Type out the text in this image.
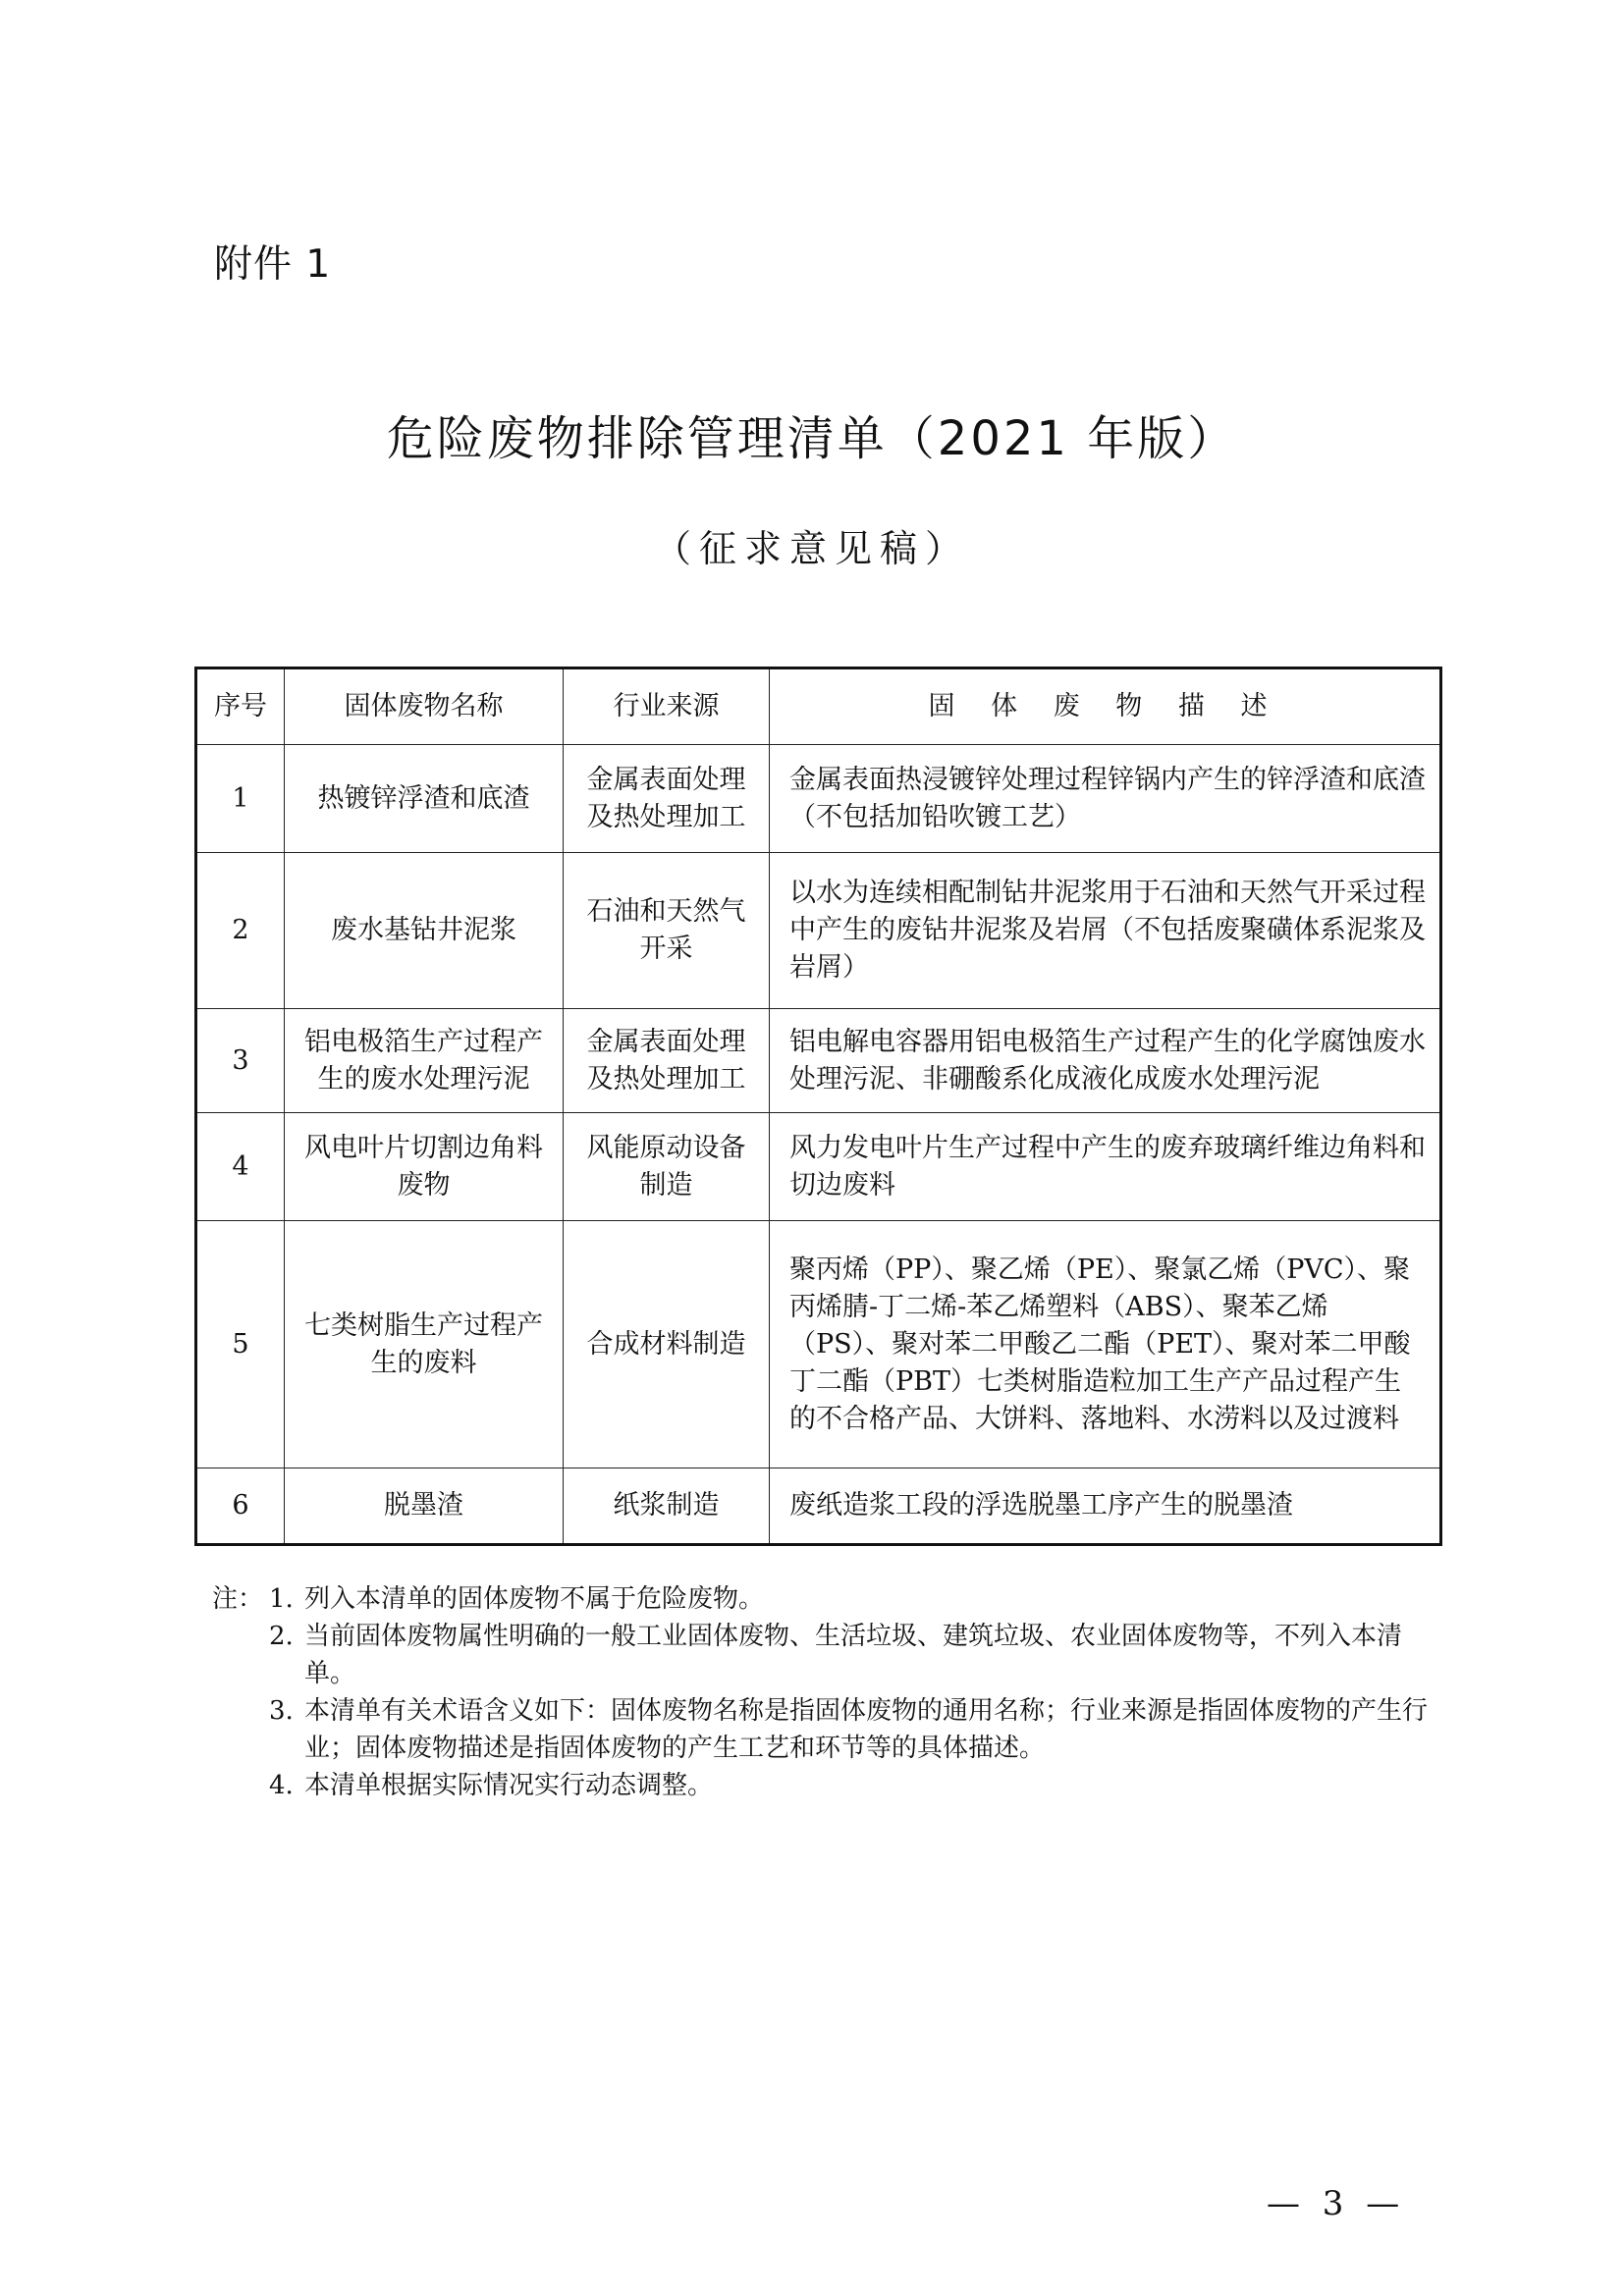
附件 1
危险废物排除管理清单（2021 年版）
（征求意见稿）
序号	固体废物名称	行业来源	固 体 废 物 描 述
1	热镀锌浮渣和底渣	金属表面处理及热处理加工	金属表面热浸镀锌处理过程锌锅内产生的锌浮渣和底渣（不包括加铅吹镀工艺）
2	废水基钻井泥浆	石油和天然气开采	以水为连续相配制钻井泥浆用于石油和天然气开采过程中产生的废钻井泥浆及岩屑（不包括废聚磺体系泥浆及岩屑）
3	铝电极箔生产过程产生的废水处理污泥	金属表面处理及热处理加工	铝电解电容器用铝电极箔生产过程产生的化学腐蚀废水处理污泥、非硼酸系化成液化成废水处理污泥
4	风电叶片切割边角料废物	风能原动设备制造	风力发电叶片生产过程中产生的废弃玻璃纤维边角料和切边废料
5	七类树脂生产过程产生的废料	合成材料制造	聚丙烯（PP）、聚乙烯（PE）、聚氯乙烯（PVC）、聚丙烯腈-丁二烯-苯乙烯塑料（ABS）、聚苯乙烯（PS）、聚对苯二甲酸乙二酯（PET）、聚对苯二甲酸丁二酯（PBT）七类树脂造粒加工生产产品过程产生的不合格产品、大饼料、落地料、水涝料以及过渡料
6	脱墨渣	纸浆制造	废纸造浆工段的浮选脱墨工序产生的脱墨渣
注： 1. 列入本清单的固体废物不属于危险废物。
2. 当前固体废物属性明确的一般工业固体废物、生活垃圾、建筑垃圾、农业固体废物等，不列入本清单。
3. 本清单有关术语含义如下：固体废物名称是指固体废物的通用名称；行业来源是指固体废物的产生行业；固体废物描述是指固体废物的产生工艺和环节等的具体描述。
4. 本清单根据实际情况实行动态调整。
— 3 —
